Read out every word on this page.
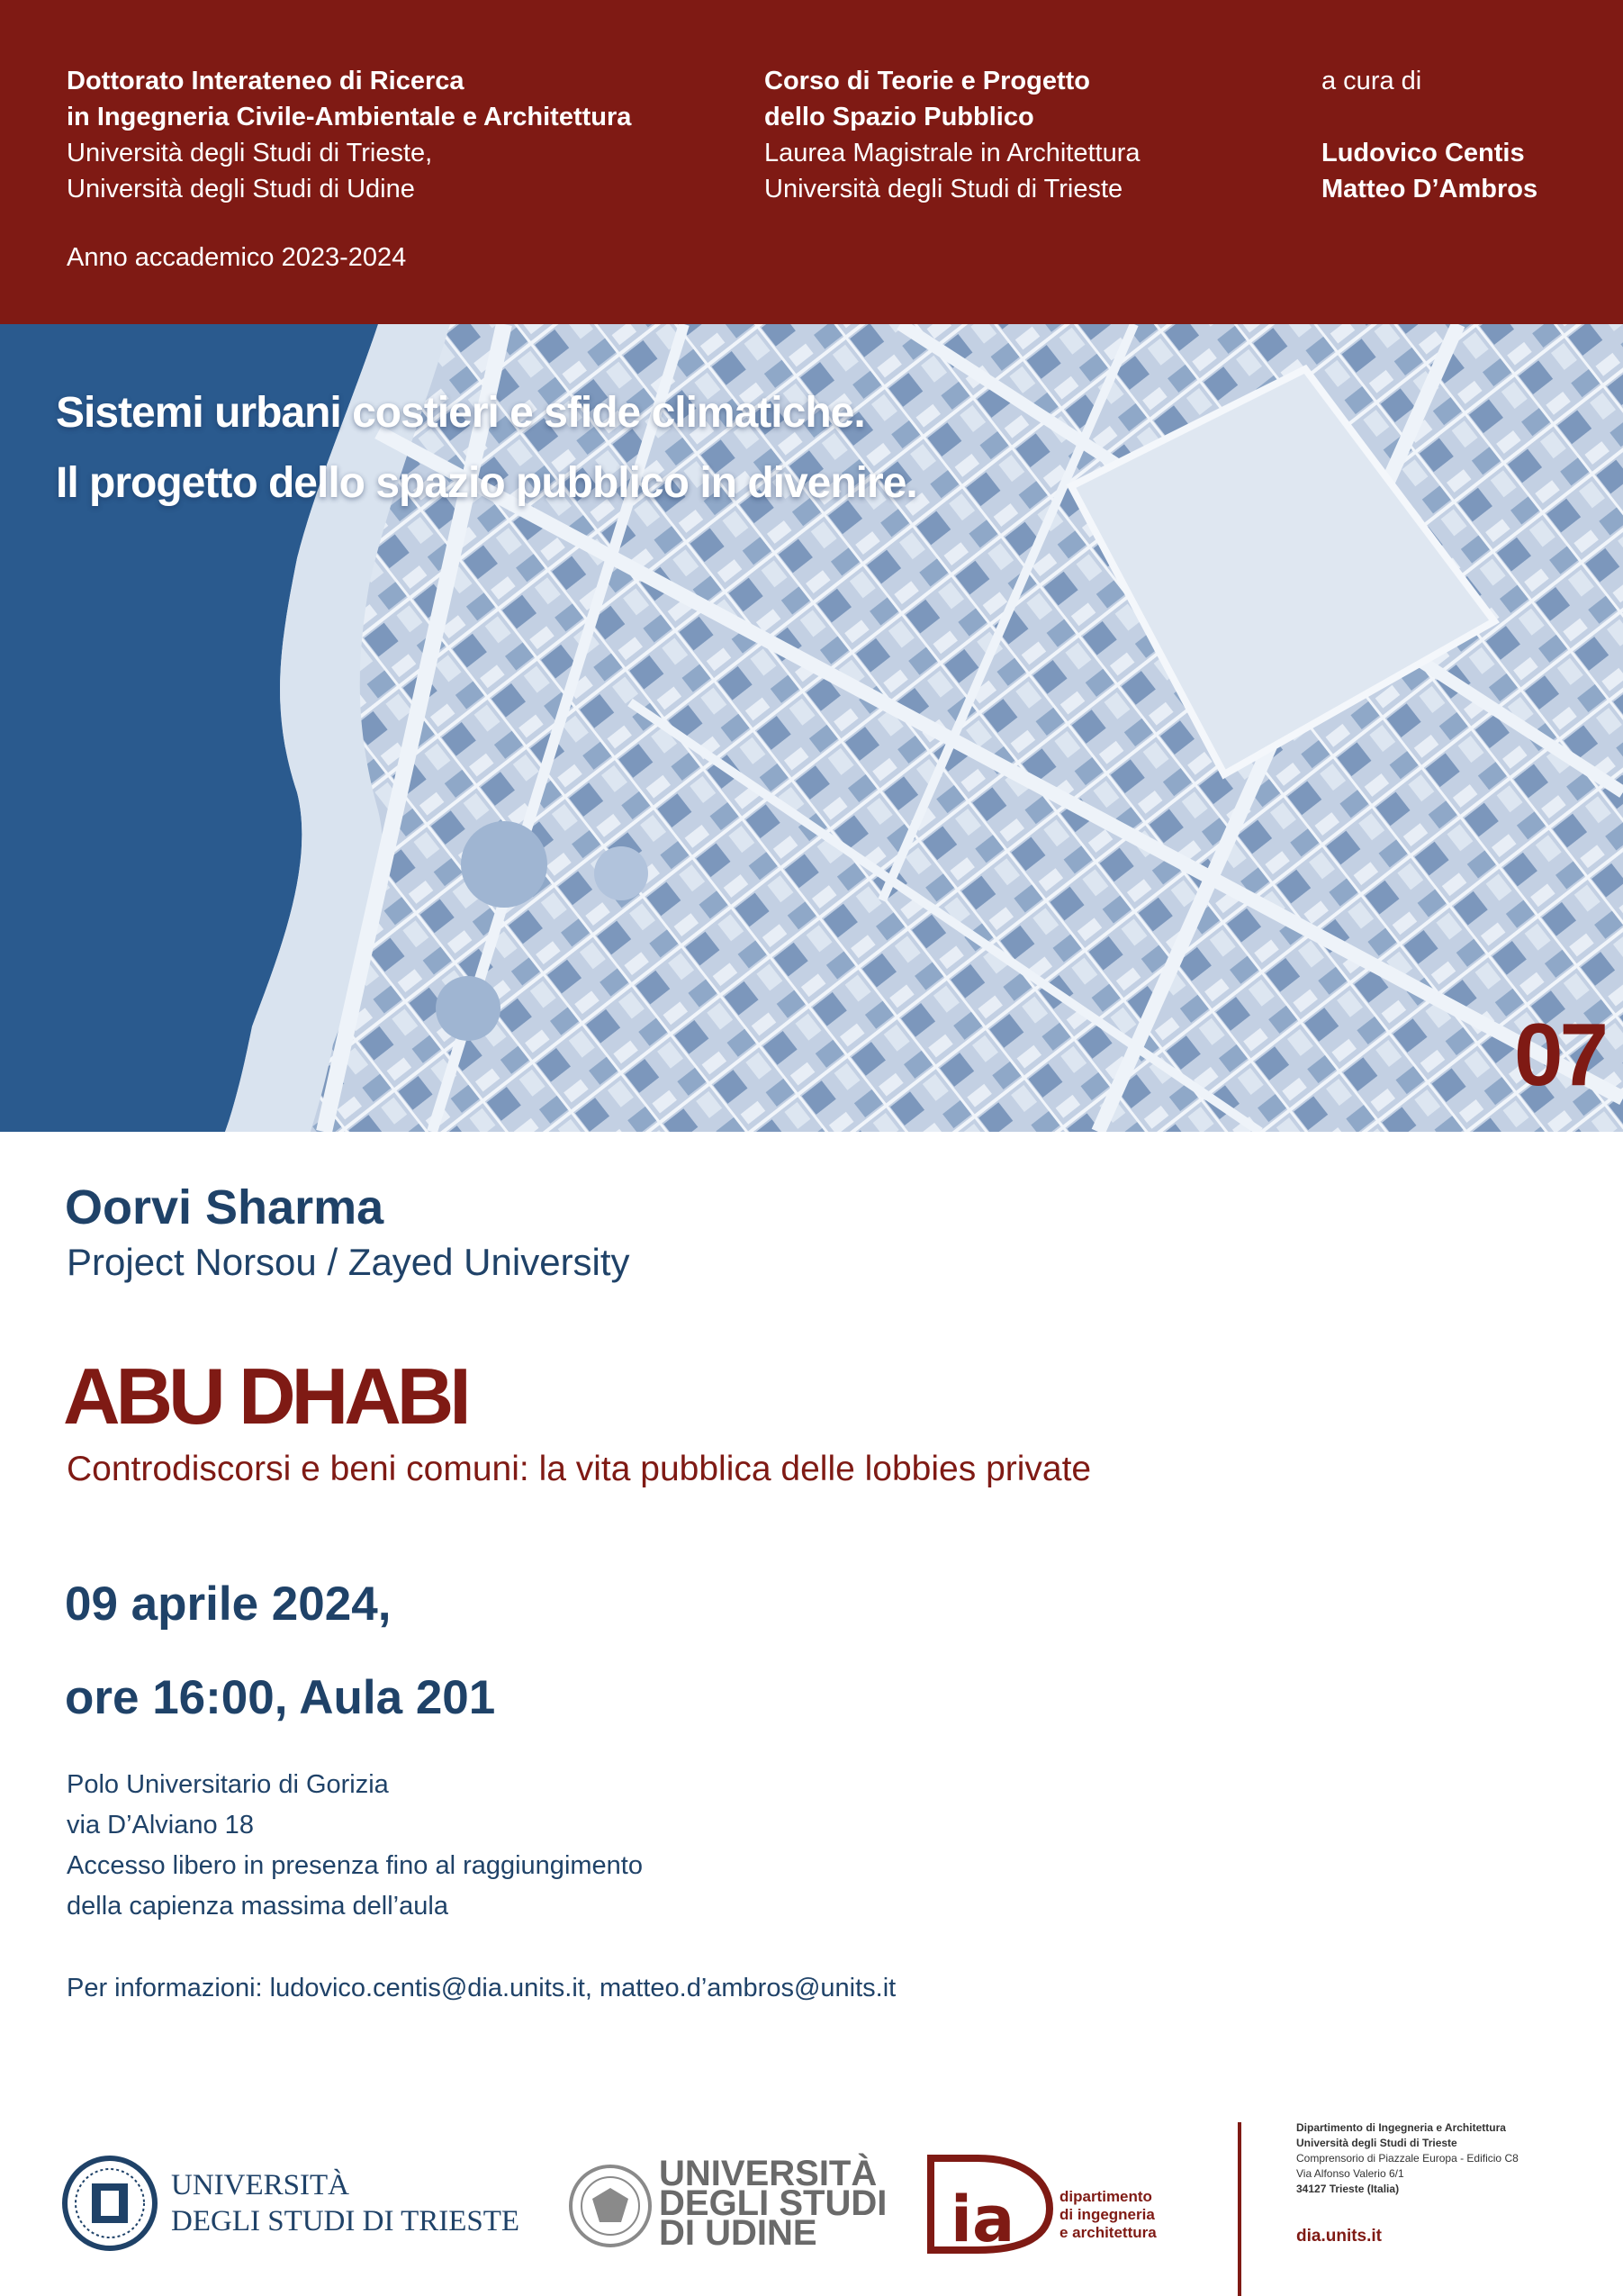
Dottorato Interateneo di Ricerca
in Ingegneria Civile-Ambientale e Architettura
Università degli Studi di Trieste,
Università degli Studi di Udine
Anno accademico 2023-2024
Corso di Teorie e Progetto
dello Spazio Pubblico
Laurea Magistrale in Architettura
Università degli Studi di Trieste
a cura di
Ludovico Centis
Matteo D’Ambros
Sistemi urbani costieri e sfide climatiche.
Il progetto dello spazio pubblico in divenire.
07
Oorvi Sharma
Project Norsou / Zayed University
ABU DHABI
Controdiscorsi e beni comuni: la vita pubblica delle lobbies private
09 aprile 2024,
ore 16:00, Aula 201
Polo Universitario di Gorizia
via D’Alviano 18
Accesso libero in presenza fino al raggiungimento
della capienza massima dell’aula
Per informazioni: ludovico.centis@dia.units.it, matteo.d’ambros@units.it
UNIVERSITÀ
DEGLI STUDI DI TRIESTE
UNIVERSITÀ
DEGLI STUDI
DI UDINE	ia	dipartimento
di ingegneria
e architettura
Dipartimento di Ingegneria e Architettura
Università degli Studi di Trieste
Comprensorio di Piazzale Europa - Edificio C8
Via Alfonso Valerio 6/1
34127 Trieste (Italia)
dia.units.it
